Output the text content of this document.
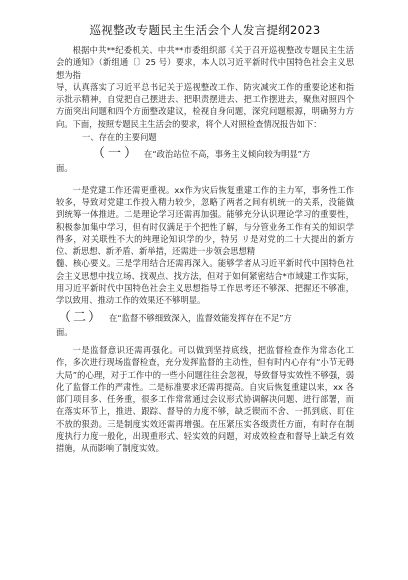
巡视整改专题民主生活会个人发言提纲2023

根据中共**纪委机关、中共**市委组织部《关于召开巡视整改专题民主生活会的通知》（新组通〔〕25 号）要求，本人以习近平新时代中国特色社会主义思想为指

导，认真落实了习近平总书记关于巡视整改工作、防灾减灾工作的重要论述和指示批示精神，自觉把自己摆进去、把职责摆进去、把工作摆进去，聚焦对照四个方面突出问题和四个方面整改建议，检视自身问题，深究问题根源，明确努力方向。下面，按照专题民主生活会的要求，将个人对照检查情况报告如下：

一、存在的主要问题
（一） 在“政治站位不高，事务主义倾向较为明显”方

面。

一是党建工作还需更重视。xx作为灾后恢复重建工作的主力军，事务性工作较多，导致对党建工作投入精力较少，忽略了两者之间有机统一的关系，没能做到统筹一体推进。二是理论学习还需再加强。能够充分认识理论学习的重要性，积极参加集中学习，但有时仅满足于个把性了解，与分管业务工作有关的知识学得多，对关联性不大的纯理论知识学的少，特另 リ是对党的二十大提出的新方位、新思想、新矛盾、新举措，还需进一步领会思想精

髓、核心要义。三是学用结合还需再深入。能够学者从习近平新时代中国特色社会主义思想中找立场、找观点、找方法，但对于如何紧密结合*市域建工作实际，用习近平新时代中国特色社会主义思想指导工作思考还不够深、把握还不够准，学以致用、推动工作的效果还不够明显。

（二） 在“监督不够细致深入，监督效能发挥存在不足”方

面。

一是监督意识还需再强化。可以做到坚持底线，把监督检查作为常态化工作，多次进行现场监督检查，充分发挥监督的主动性，但有时内心存有“小节无碍大局”的心理，对于工作中的一些小问题往往会忽视，导致督导实效性不够强，弱化了监督工作的严肃性。二是标准要求还需再提高。自灾后恢复重建以来，xx 各部门项目多、任务重，很多工作常常通过会议形式协调解决问题、进行部署，而在落实环节上，推进、跟踪、督导的力度不够，缺乏锲而不舍、一抓到底、盯住不放的狠劲。三是制度实效还需再增强。在压紧压实各级责任方面，有时存在制度执行力度一般化，出现重形式、轻实效的问题，对成效检查和督导上缺乏有效措施，从而影响了制度实效。
